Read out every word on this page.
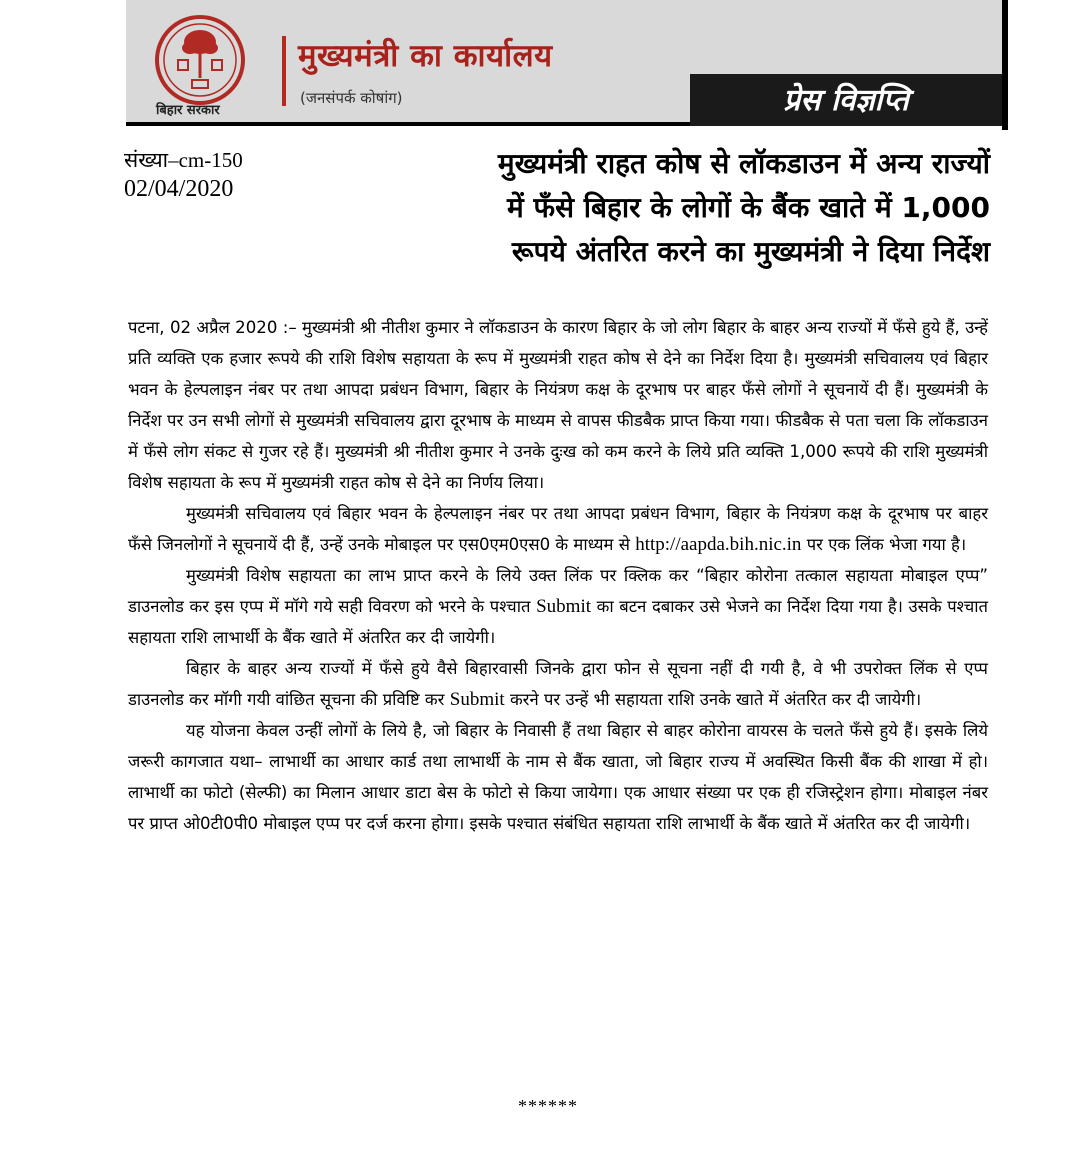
बिहार सरकार
मुख्यमंत्री का कार्यालय
(जनसंपर्क कोषांग)	प्रेस विज्ञप्ति
संख्या–cm-150
02/04/2020
मुख्यमंत्री राहत कोष से लॉकडाउन में अन्य राज्यों
में फँसे बिहार के लोगों के बैंक खाते में 1,000
रूपये अंतरित करने का मुख्यमंत्री ने दिया निर्देश

पटना, 02 अप्रैल 2020 :– मुख्यमंत्री श्री नीतीश कुमार ने लॉकडाउन के कारण बिहार के जो लोग बिहार के बाहर अन्य राज्यों में फँसे हुये हैं, उन्हें प्रति व्यक्ति एक हजार रूपये की राशि विशेष सहायता के रूप में मुख्यमंत्री राहत कोष से देने का निर्देश दिया है। मुख्यमंत्री सचिवालय एवं बिहार भवन के हेल्पलाइन नंबर पर तथा आपदा प्रबंधन विभाग, बिहार के नियंत्रण कक्ष के दूरभाष पर बाहर फँसे लोगों ने सूचनायें दी हैं। मुख्यमंत्री के निर्देश पर उन सभी लोगों से मुख्यमंत्री सचिवालय द्वारा दूरभाष के माध्यम से वापस फीडबैक प्राप्त किया गया। फीडबैक से पता चला कि लॉकडाउन में फँसे लोग संकट से गुजर रहे हैं। मुख्यमंत्री श्री नीतीश कुमार ने उनके दुःख को कम करने के लिये प्रति व्यक्ति 1,000 रूपये की राशि मुख्यमंत्री विशेष सहायता के रूप में मुख्यमंत्री राहत कोष से देने का निर्णय लिया।

मुख्यमंत्री सचिवालय एवं बिहार भवन के हेल्पलाइन नंबर पर तथा आपदा प्रबंधन विभाग, बिहार के नियंत्रण कक्ष के दूरभाष पर बाहर फँसे जिनलोगों ने सूचनायें दी हैं, उन्हें उनके मोबाइल पर एस0एम0एस0 के माध्यम से http://aapda.bih.nic.in पर एक लिंक भेजा गया है।

मुख्यमंत्री विशेष सहायता का लाभ प्राप्त करने के लिये उक्त लिंक पर क्लिक कर “बिहार कोरोना तत्काल सहायता मोबाइल एप्प” डाउनलोड कर इस एप्प में मॉगे गये सही विवरण को भरने के पश्चात Submit का बटन दबाकर उसे भेजने का निर्देश दिया गया है। उसके पश्चात सहायता राशि लाभार्थी के बैंक खाते में अंतरित कर दी जायेगी।

बिहार के बाहर अन्य राज्यों में फँसे हुये वैसे बिहारवासी जिनके द्वारा फोन से सूचना नहीं दी गयी है, वे भी उपरोक्त लिंक से एप्प डाउनलोड कर मॉगी गयी वांछित सूचना की प्रविष्टि कर Submit करने पर उन्हें भी सहायता राशि उनके खाते में अंतरित कर दी जायेगी।

यह योजना केवल उन्हीं लोगों के लिये है, जो बिहार के निवासी हैं तथा बिहार से बाहर कोरोना वायरस के चलते फँसे हुये हैं। इसके लिये जरूरी कागजात यथा– लाभार्थी का आधार कार्ड तथा लाभार्थी के नाम से बैंक खाता, जो बिहार राज्य में अवस्थित किसी बैंक की शाखा में हो। लाभार्थी का फोटो (सेल्फी) का मिलान आधार डाटा बेस के फोटो से किया जायेगा। एक आधार संख्या पर एक ही रजिस्ट्रेशन होगा। मोबाइल नंबर पर प्राप्त ओ0टी0पी0 मोबाइल एप्प पर दर्ज करना होगा। इसके पश्चात संबंधित सहायता राशि लाभार्थी के बैंक खाते में अंतरित कर दी जायेगी।

******
